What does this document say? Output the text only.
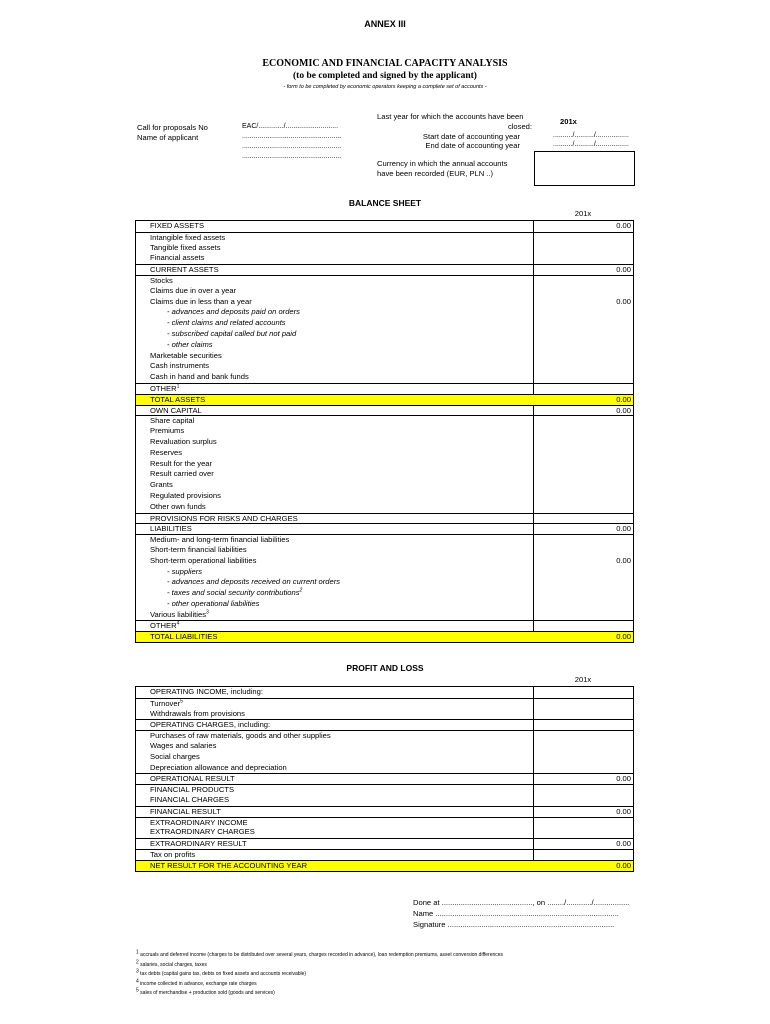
ANNEX III
ECONOMIC AND FINANCIAL CAPACITY ANALYSIS
(to be completed and signed by the applicant)
- form to be completed by economic operators keeping a complete set of accounts -
Call for proposals No
Name of applicant
EAC/............./...........................
...................................................
...................................................
...................................................
Last year for which the accounts have been
closed:
201x
Start date of accounting year	........../........../.................
End date of accounting year	........../........../.................
Currency in which the annual accounts
have been recorded (EUR, PLN ..)
BALANCE SHEET
201x
FIXED ASSETS	0.00
Intangible fixed assets
Tangible fixed assets
Financial assets
CURRENT ASSETS	0.00
Stocks
Claims due in over a year
Claims due in less than a year	0.00
- advances and deposits paid on orders
- client claims and related accounts
- subscribed capital called but not paid
- other claims
Marketable securities
Cash instruments
Cash in hand and bank funds
OTHER$^1$
TOTAL ASSETS	0.00
OWN CAPITAL	0.00
Share capital
Premiums
Revaluation surplus
Reserves
Result for the year
Result carried over
Grants
Regulated provisions
Other own funds
PROVISIONS FOR RISKS AND CHARGES
LIABILITIES	0.00
Medium- and long-term financial liabilities
Short-term financial liabilities
Short-term operational liabilities	0.00
- suppliers
- advances and deposits received on current orders
- taxes and social security contributions$^2$
- other operational liabilities
Various liabilities$^3$
OTHER$^4$
TOTAL LIABILITIES	0.00
PROFIT AND LOSS
201x
OPERATING INCOME, including:
Turnover$^5$
Withdrawals from provisions
OPERATING CHARGES, including:
Purchases of raw materials, goods and other supplies
Wages and salaries
Social charges
Depreciation allowance and depreciation
OPERATIONAL RESULT	0.00
FINANCIAL PRODUCTS
FINANCIAL CHARGES
FINANCIAL RESULT	0.00
EXTRAORDINARY INCOME
EXTRAORDINARY CHARGES
EXTRAORDINARY RESULT	0.00
Tax on profits
NET RESULT FOR THE ACCOUNTING YEAR	0.00
Done at ..........................................., on ......../............/.................
Name .......................................................................................
Signature ...............................................................................
$^1$ accruals and deferred income (charges to be distributed over several years, charges recorded in advance), loan redemption premiums, asset conversion differences
$^2$ salaries, social charges, taxes
$^3$ tax debts (capital gains tax, debts on fixed assets and accounts receivable)
$^4$ income collected in advance, exchange rate charges
$^5$ sales of merchandise + production sold (goods and services)
